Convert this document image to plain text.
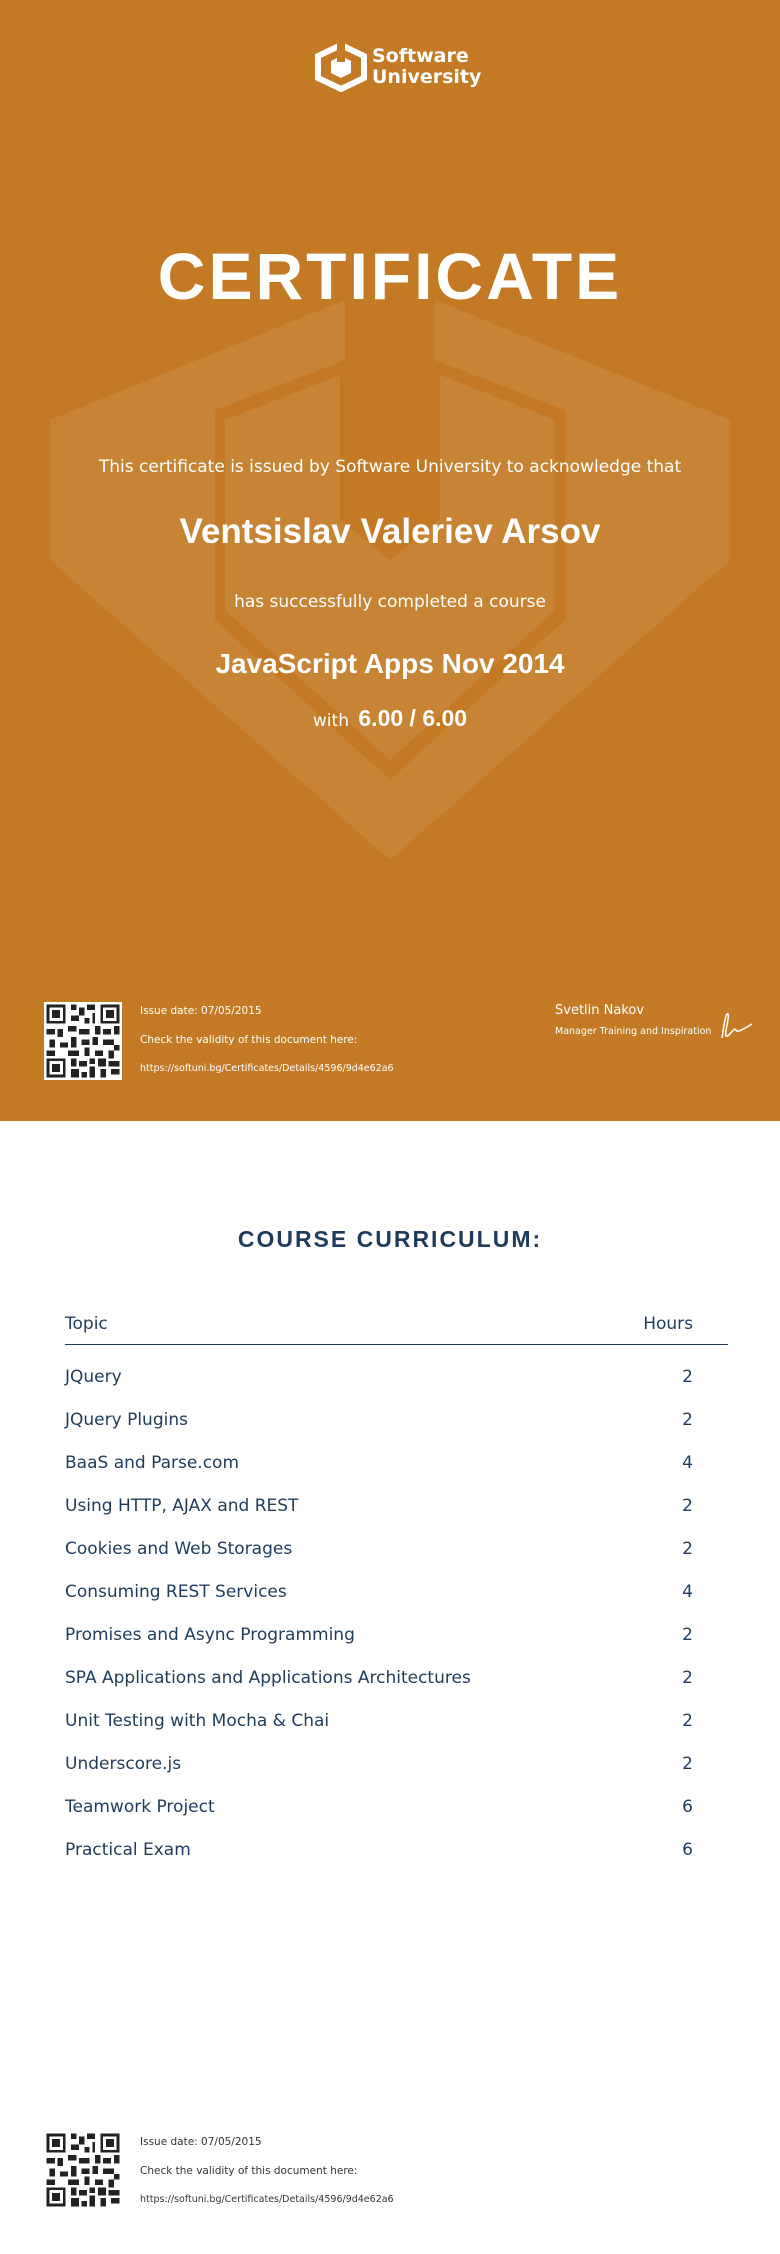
Software
University
CERTIFICATE
This certificate is issued by Software University to acknowledge that
Ventsislav Valeriev Arsov
has successfully completed a course
JavaScript Apps Nov 2014
with 6.00 / 6.00
Issue date: 07/05/2015
Check the validity of this document here:
https://softuni.bg/Certificates/Details/4596/9d4e62a6
Svetlin Nakov
Manager Training and Inspiration
COURSE CURRICULUM:
Topic	Hours
JQuery	2
JQuery Plugins	2
BaaS and Parse.com	4
Using HTTP, AJAX and REST	2
Cookies and Web Storages	2
Consuming REST Services	4
Promises and Async Programming	2
SPA Applications and Applications Architectures	2
Unit Testing with Mocha & Chai	2
Underscore.js	2
Teamwork Project	6
Practical Exam	6
Issue date: 07/05/2015
Check the validity of this document here:
https://softuni.bg/Certificates/Details/4596/9d4e62a6
